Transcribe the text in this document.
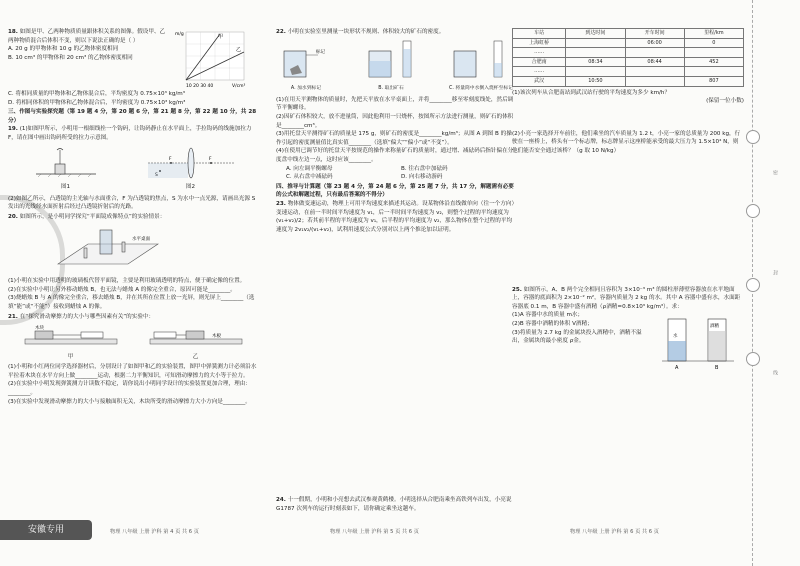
18. 如图是甲、乙两种物质质量跟体积关系的图像。假设甲、乙两种物质混合后体积不变，则以下说法正确的是（ ）
A. 20 g 的甲物体和 10 g 的乙物体密度相同
B. 10 cm³ 的甲物体和 20 cm³ 的乙物体密度相同

甲
乙
m/g
10 20 30 40	V/cm³
C. 将相同质量的甲物体和乙物体混合后，平均密度为 0.75×10³ kg/m³
D. 将相同体积的甲物体和乙物体混合后，平均密度为 0.75×10³ kg/m³
三、作图与实验探究题（第 19 题 4 分，第 20 题 6 分，第 21 题 8 分，第 22 题 10 分，共 28 分）
19. (1)如图甲所示，小明用一根细线拴一个钩码，让钩码静止在水平面上，手拉钩码的线施加拉力 F，请在图中画出钩码所受的拉力示意图。
图1
F	F
图2
(2)如图乙所示，凸透镜的主光轴与水面重合，F 为凸透镜的焦点，S 为水中一点光源，请画出光源 S 发出的光线经水面折射后经过凸透镜折射后的光路。
20. 如图所示，是小明同学探究“平面镜成像特点”的实验情景：
水平桌面
(1)小明在实验中用透明的玻璃板代替平面镜，主要是利用玻璃透明的特点，便于确定像的位置。
(2)在实验中小明让另外移动蜡烛 B，也无法与蜡烛 A 的像完全重合，原因可能是________。
(3)烧蜡烛 B 与 A 的像完全重合，移去蜡烛 B，并在其所在位置上放一光屏，则光屏上________（选填“能”或“不能”）接收到蜡烛 A 的像。
21. 在“探究滑动摩擦力的大小与哪些因素有关”的实验中：
木块
甲
木板
乙
(1)小明和小红两位同学选择器材后，分别设计了如图甲和乙的实验装置，图甲中弹簧测力计必须沿水平拉着木块在水平方向上做________运动，根据二力平衡知识，可知滑动摩擦力的大小等于拉力。
(2)在实验中小明发现弹簧测力计读数不稳定，请你说出小明同学设计的实验装置更加合理，理由：________。
(3)在实验中发现滑动摩擦力的大小与接触面积无关，木块所受的滑动摩擦力大小方向是________。
22. 小明在实验室里测量一块形状不规则、体积较大的矿石的密度。
标记
A. 加水到标记	B. 取出矿石	C. 将量筒中水倒入烧杯至标记
(1)在用天平测物体的质量时，先把天平放在水平桌面上，并将________移至零刻度线处，然后调节平衡螺母。
(2)因矿石体积较大，放不进量筒，因此他利用一只烧杯，按图所示方法进行测量，则矿石的体积是________cm³。
(3)用托盘天平测得矿石的质量是 175 g，则矿石的密度是________kg/m³；从图 A 到图 B 的操作引起的密度测量值比真实值________（选填“偏大”“偏小”或“不变”）。
(4)在使用已调节好的托盘天平按规范的操作来称量矿石的质量时，通过增、减砝码后指针偏在分度盘中线左边一点，这时应该________。

A. 向左调平衡螺母	B. 往右盘中加砝码
C. 从右盘中减砝码	D. 向右移动游码
四、推导与计算题（第 23 题 4 分，第 24 题 6 分，第 25 题 7 分，共 17 分，解题需有必要的公式和解题过程，只有最后答案的不得分）
23. 物体做变速运动，物理上可用平均速度来描述其运动。设某物体沿直线做单向（往一个方向）变速运动，在前一半时间平均速度为 v₁，后一半时间平均速度为 v₂，则整个过程的平均速度为 (v₁+v₂)/2；若其前半程的平均速度为 v₁，后半程的平均速度为 v₂，那么物体在整个过程的平均速度为 2v₁v₂/(v₁+v₂)，试利用速度公式分别对以上两个推论加以证明。
24. 十一假期，小明和小亮想去武汉参观黄鹤楼。小明选择从合肥南乘坐高铁列车出发，小亮说 G1787 次列车的运行时刻表如下，请你确定乘坐这趟车。
车站	到达时间	开车时间	里程/km
上海虹桥		06:00	0
……			
合肥南	08:34	08:44	452
……			
武汉	10:50		807
(1)该次列车从合肥南站到武汉站行驶的平均速度为多少 km/h？

(保留一位小数)
(2)小亮一家选择开车前往，他们乘坐的汽车质量为 1.2 t，小亮一家的总质量为 200 kg，行驶在一座桥上，桥头有一个标志牌，标志牌显示这座桥能承受的最大压力为 1.5×10⁴ N，则他们能否安全通过该桥？（g 取 10 N/kg）
25. 如图所示，A、B 两个完全相同且容积为 3×10⁻³ m³ 的圆柱形薄壁容器放在水平地面上，容器的底面积为 2×10⁻² m²，容器内质量为 2 kg 的水。其中 A 容器中盛有水，水面距容器底 0.1 m，B 容器中盛有酒精（ρ酒精=0.8×10³ kg/m³）。求：

(1)A 容器中水的质量 m水；
(2)B 容器中酒精的体积 V酒精；
(3)将质量为 2.7 kg 的金属块投入酒精中，酒精不溢出，金属块的最小密度 ρ金。
水
酒精
A	B
安徽专用	物理 八年级 上册 沪科 第 4 页 共 6 页	物理 八年级 上册 沪科 第 5 页 共 6 页	物理 八年级 上册 沪科 第 6 页 共 6 页
密
封
线
